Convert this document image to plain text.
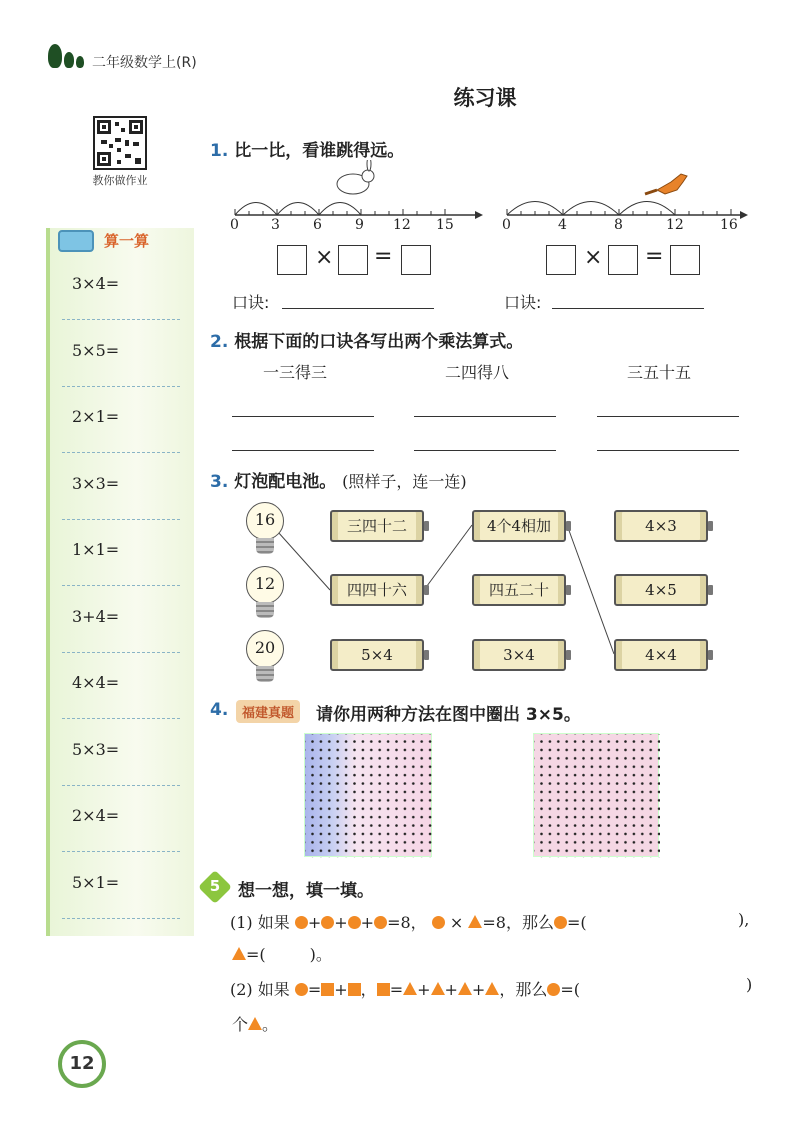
二年级数学上(R)
练习课
教你做作业
算一算
3×4=
5×5=
2×1=
3×3=
1×1=
3+4=
4×4=
5×3=
2×4=
5×1=
1. 比一比，看谁跳得远。
0 3 6 9 12 15	0	4	8	12	16
× =	× =
口诀:	口诀:
2. 根据下面的口诀各写出两个乘法算式。
一三得三	二四得八	三五十五
3. 灯泡配电池。 (照样子，连一连)
16
12
20
三四十二
四四十六
5×4
4个4相加
四五二十
3×4
4×3
4×5
4×4
4.	福建真题	请你用两种方法在图中圈出 3×5。
5	想一想，填一填。
(1) 如果 + + + =8， × =8，那么 =(	),
=(	)。
(2) 如果 = + ， = + + + ，那么 =(	)
个 。
12
